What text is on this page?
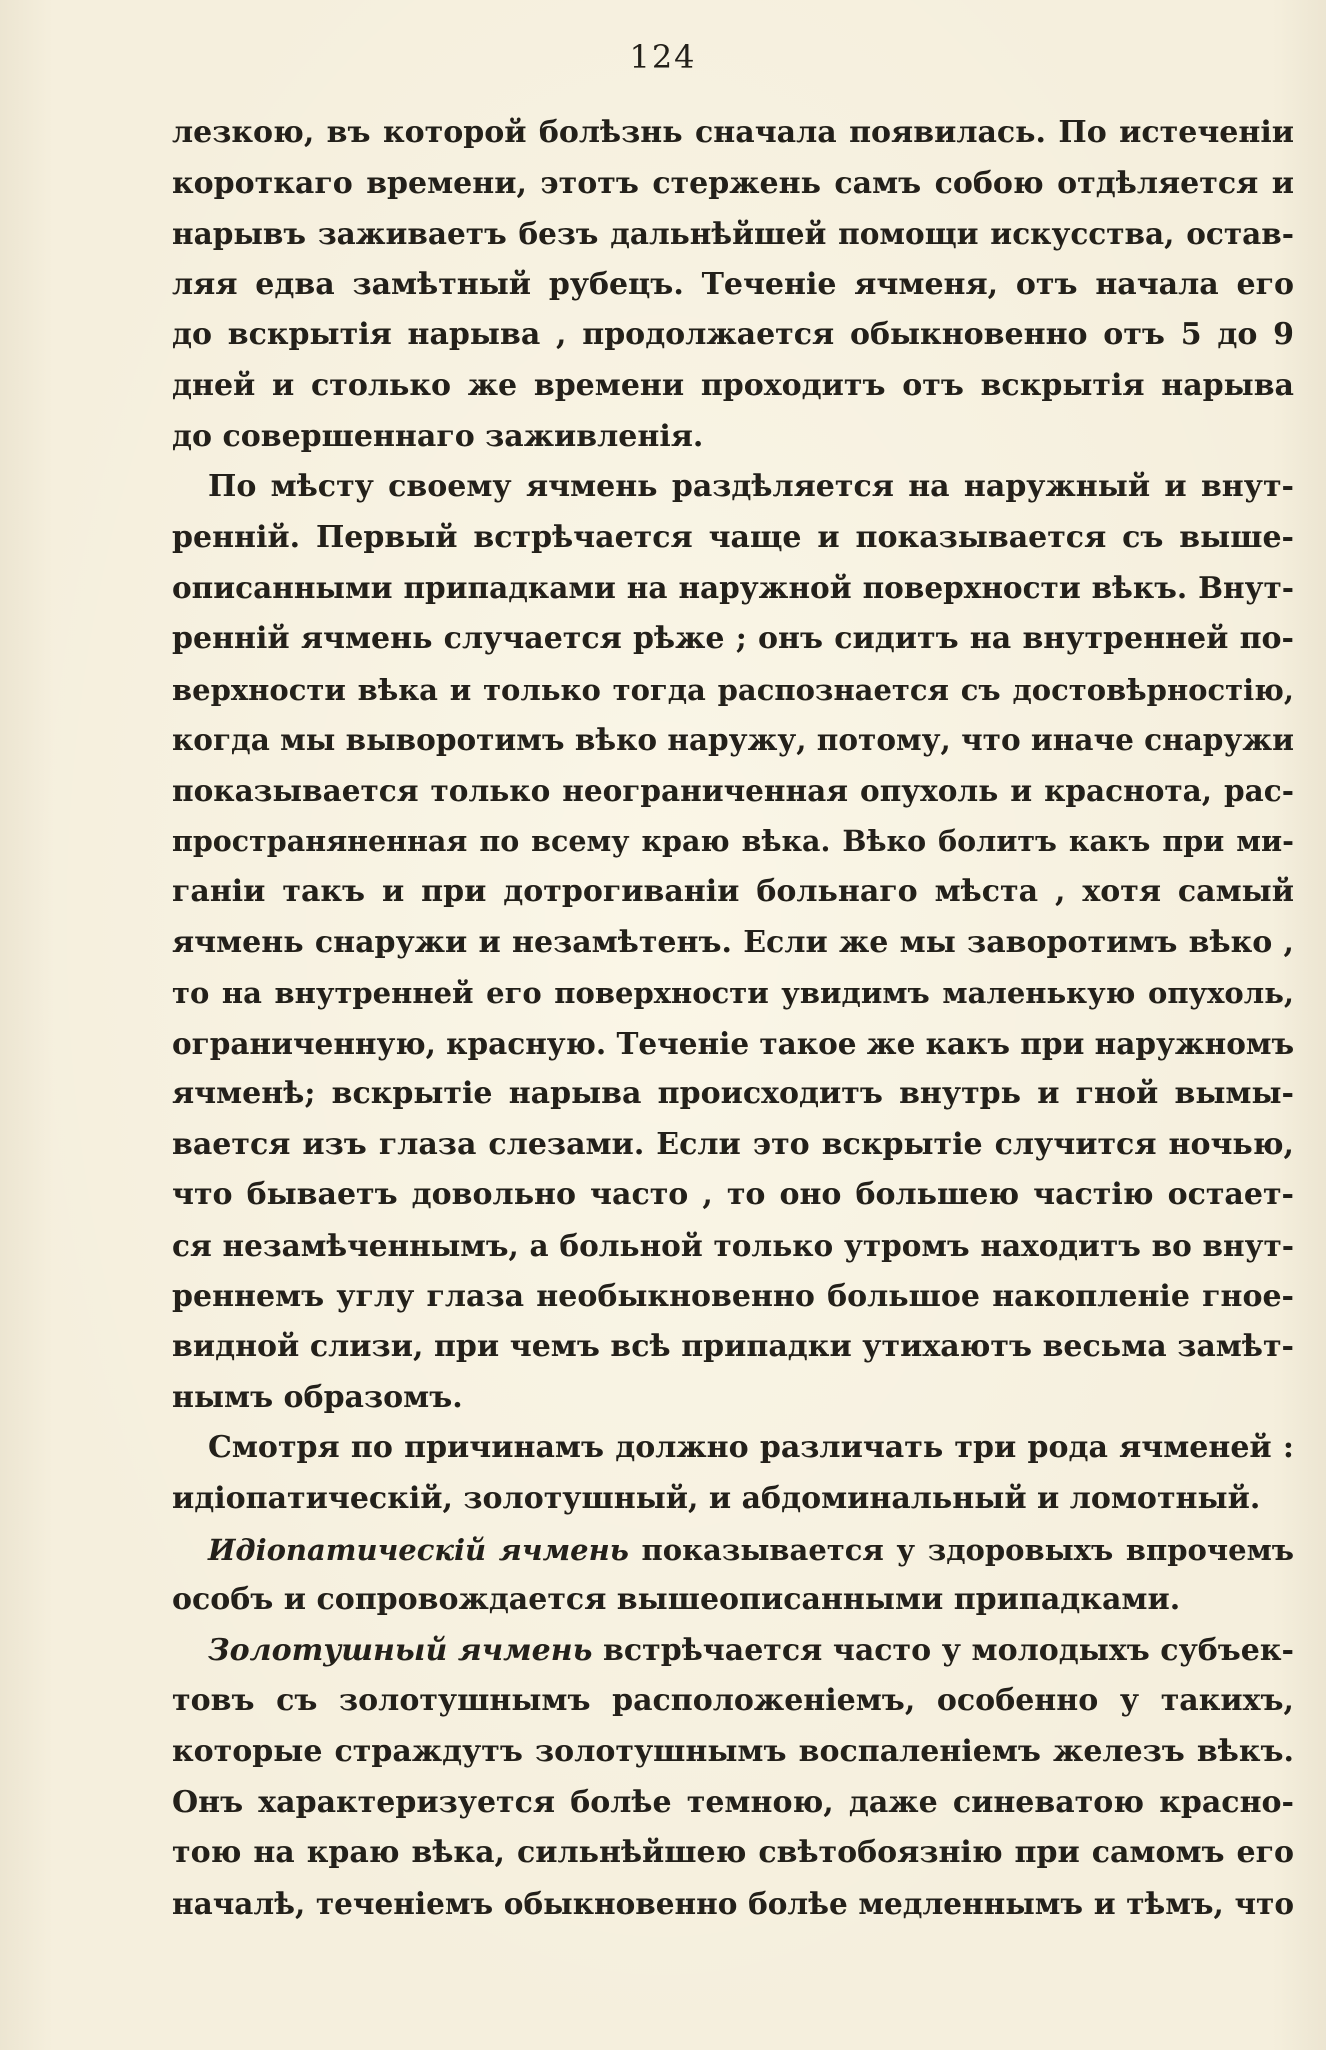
124
лезкою, въ которой болѣзнь сначала появилась. По истеченіи
короткаго времени, этотъ стержень самъ собою отдѣляется и
нарывъ заживаетъ безъ дальнѣйшей помощи искусства, остав-
ляя едва замѣтный рубецъ. Теченіе ячменя, отъ начала его
до вскрытія нарыва , продолжается обыкновенно отъ 5 до 9
дней и столько же времени проходитъ отъ вскрытія нарыва
до совершеннаго заживленія.
По мѣсту своему ячмень раздѣляется на наружный и внут-
ренній. Первый встрѣчается чаще и показывается съ выше-
описанными припадками на наружной поверхности вѣкъ. Внут-
ренній ячмень случается рѣже ; онъ сидитъ на внутренней по-
верхности вѣка и только тогда распознается съ достовѣрностію,
когда мы выворотимъ вѣко наружу, потому, что иначе снаружи
показывается только неограниченная опухоль и краснота, рас-
пространяненная по всему краю вѣка. Вѣко болитъ какъ при ми-
ганіи такъ и при дотрогиваніи больнаго мѣста , хотя самый
ячмень снаружи и незамѣтенъ. Если же мы заворотимъ вѣко ,
то на внутренней его поверхности увидимъ маленькую опухоль,
ограниченную, красную. Теченіе такое же какъ при наружномъ
ячменѣ; вскрытіе нарыва происходитъ внутрь и гной вымы-
вается изъ глаза слезами. Если это вскрытіе случится ночью,
что бываетъ довольно часто , то оно большею частію остает-
ся незамѣченнымъ, а больной только утромъ находитъ во внут-
реннемъ углу глаза необыкновенно большое накопленіе гное-
видной слизи, при чемъ всѣ припадки утихаютъ весьма замѣт-
нымъ образомъ.
Смотря по причинамъ должно различать три рода ячменей :
идіопатическій, золотушный, и абдоминальный и ломотный.
Идіопатическій ячмень показывается у здоровыхъ впрочемъ
особъ и сопровождается вышеописанными припадками.
Золотушный ячмень встрѣчается часто у молодыхъ субъек-
товъ съ золотушнымъ расположеніемъ, особенно у такихъ,
которые страждутъ золотушнымъ воспаленіемъ железъ вѣкъ.
Онъ характеризуется болѣе темною, даже синеватою красно-
тою на краю вѣка, сильнѣйшею свѣтобоязнію при самомъ его
началѣ, теченіемъ обыкновенно болѣе медленнымъ и тѣмъ, что
